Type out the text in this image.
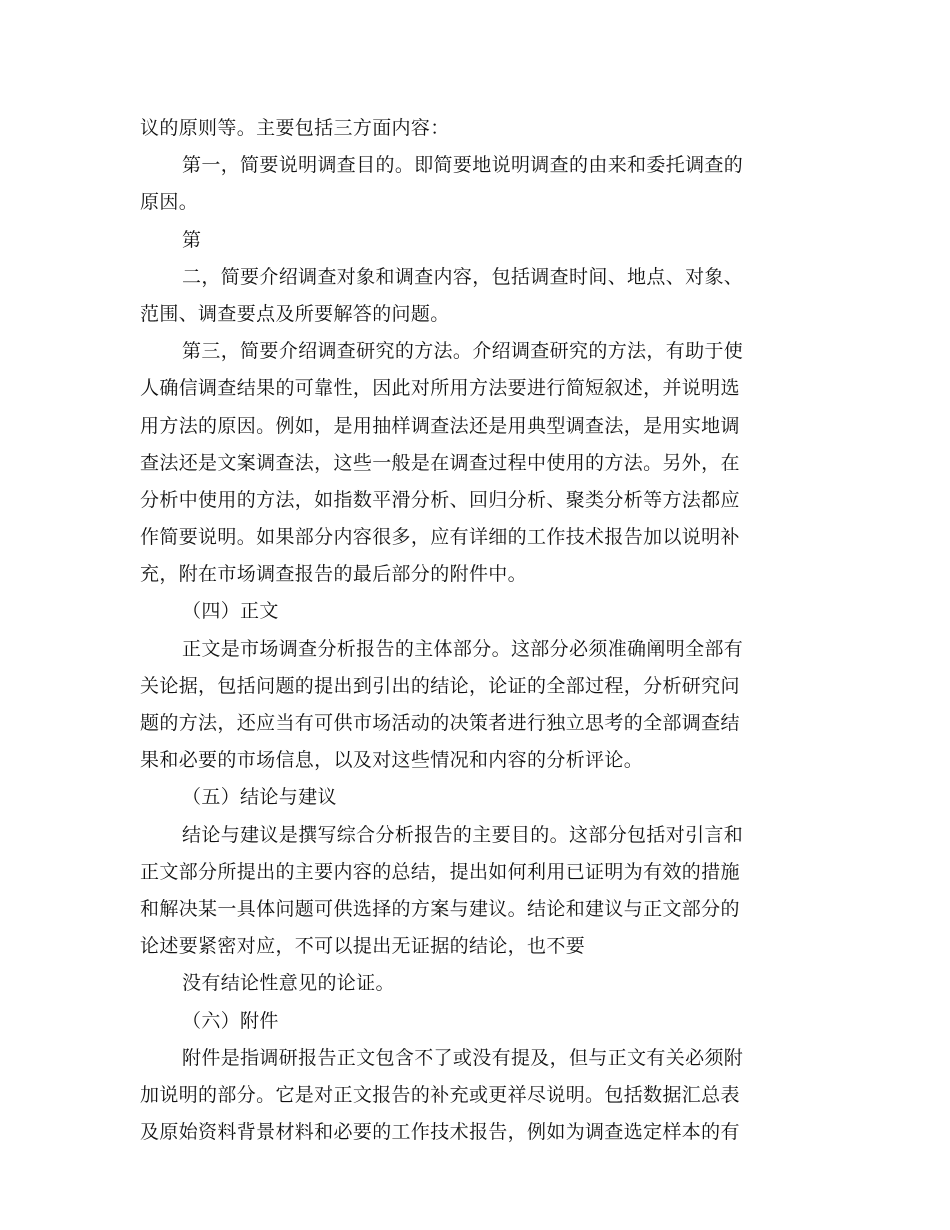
议的原则等。主要包括三方面内容：
第一，简要说明调查目的。即简要地说明调查的由来和委托调查的
原因。
第
二，简要介绍调查对象和调查内容，包括调查时间、地点、对象、
范围、调查要点及所要解答的问题。
第三，简要介绍调查研究的方法。介绍调查研究的方法，有助于使
人确信调查结果的可靠性，因此对所用方法要进行简短叙述，并说明选
用方法的原因。例如，是用抽样调查法还是用典型调查法，是用实地调
查法还是文案调查法，这些一般是在调查过程中使用的方法。另外，在
分析中使用的方法，如指数平滑分析、回归分析、聚类分析等方法都应
作简要说明。如果部分内容很多，应有详细的工作技术报告加以说明补
充，附在市场调查报告的最后部分的附件中。
（四）正文
正文是市场调查分析报告的主体部分。这部分必须准确阐明全部有
关论据，包括问题的提出到引出的结论，论证的全部过程，分析研究问
题的方法，还应当有可供市场活动的决策者进行独立思考的全部调查结
果和必要的市场信息，以及对这些情况和内容的分析评论。
（五）结论与建议
结论与建议是撰写综合分析报告的主要目的。这部分包括对引言和
正文部分所提出的主要内容的总结，提出如何利用已证明为有效的措施
和解决某一具体问题可供选择的方案与建议。结论和建议与正文部分的
论述要紧密对应，不可以提出无证据的结论，也不要
没有结论性意见的论证。
（六）附件
附件是指调研报告正文包含不了或没有提及，但与正文有关必须附
加说明的部分。它是对正文报告的补充或更祥尽说明。包括数据汇总表
及原始资料背景材料和必要的工作技术报告，例如为调查选定样本的有
